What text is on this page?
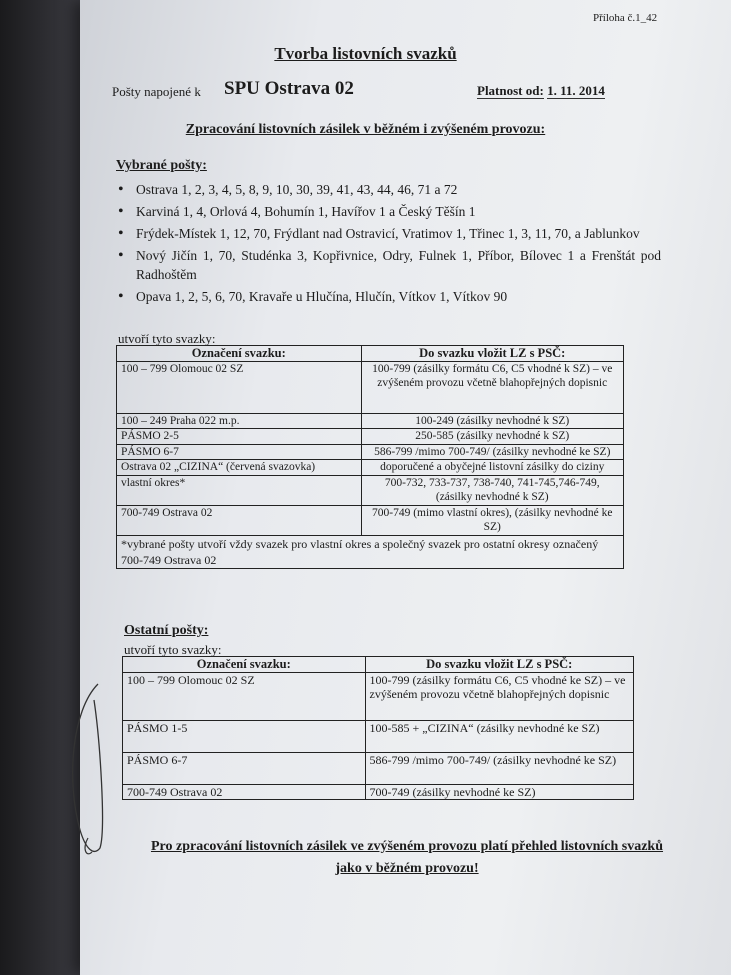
Příloha č.1_42
Tvorba listovních svazků
Pošty napojené k SPU Ostrava 02	Platnost od: 1. 11. 2014
Zpracování listovních zásilek v běžném i zvýšeném provozu:
Vybrané pošty:
• Ostrava 1, 2, 3, 4, 5, 8, 9, 10, 30, 39, 41, 43, 44, 46, 71 a 72
• Karviná 1, 4, Orlová 4, Bohumín 1, Havířov 1 a Český Těšín 1
• Frýdek-Místek 1, 12, 70, Frýdlant nad Ostravicí, Vratimov 1, Třinec 1, 3, 11, 70, a Jablunkov
• Nový Jičín 1, 70, Studénka 3, Kopřivnice, Odry, Fulnek 1, Příbor, Bílovec 1 a Frenštát pod Radhoštěm
• Opava 1, 2, 5, 6, 70, Kravaře u Hlučína, Hlučín, Vítkov 1, Vítkov 90
utvoří tyto svazky:
Označení svazku:	Do svazku vložit LZ s PSČ:
100 – 799 Olomouc 02 SZ	100-799 (zásilky formátu C6, C5 vhodné k SZ) – ve zvýšeném provozu včetně blahopřejných dopisnic
100 – 249 Praha 022 m.p.	100-249 (zásilky nevhodné k SZ)
PÁSMO 2-5	250-585 (zásilky nevhodné k SZ)
PÁSMO 6-7	586-799 /mimo 700-749/ (zásilky nevhodné ke SZ)
Ostrava 02 „CIZINA“ (červená svazovka)	doporučené a obyčejné listovní zásilky do ciziny
vlastní okres*	700-732, 733-737, 738-740, 741-745,746-749, (zásilky nevhodné k SZ)
700-749 Ostrava 02	700-749 (mimo vlastní okres), (zásilky nevhodné ke SZ)
*vybrané pošty utvoří vždy svazek pro vlastní okres a společný svazek pro ostatní okresy označený 700-749 Ostrava 02	
Ostatní pošty:
utvoří tyto svazky:
Označení svazku:	Do svazku vložit LZ s PSČ:
100 – 799 Olomouc 02 SZ	100-799 (zásilky formátu C6, C5 vhodné ke SZ) – ve zvýšeném provozu včetně blahopřejných dopisnic
PÁSMO 1-5	100-585 + „CIZINA“ (zásilky nevhodné ke SZ)
PÁSMO 6-7	586-799 /mimo 700-749/ (zásilky nevhodné ke SZ)
700-749 Ostrava 02	700-749 (zásilky nevhodné ke SZ)
Pro zpracování listovních zásilek ve zvýšeném provozu platí přehled listovních svazků
jako v běžném provozu!
